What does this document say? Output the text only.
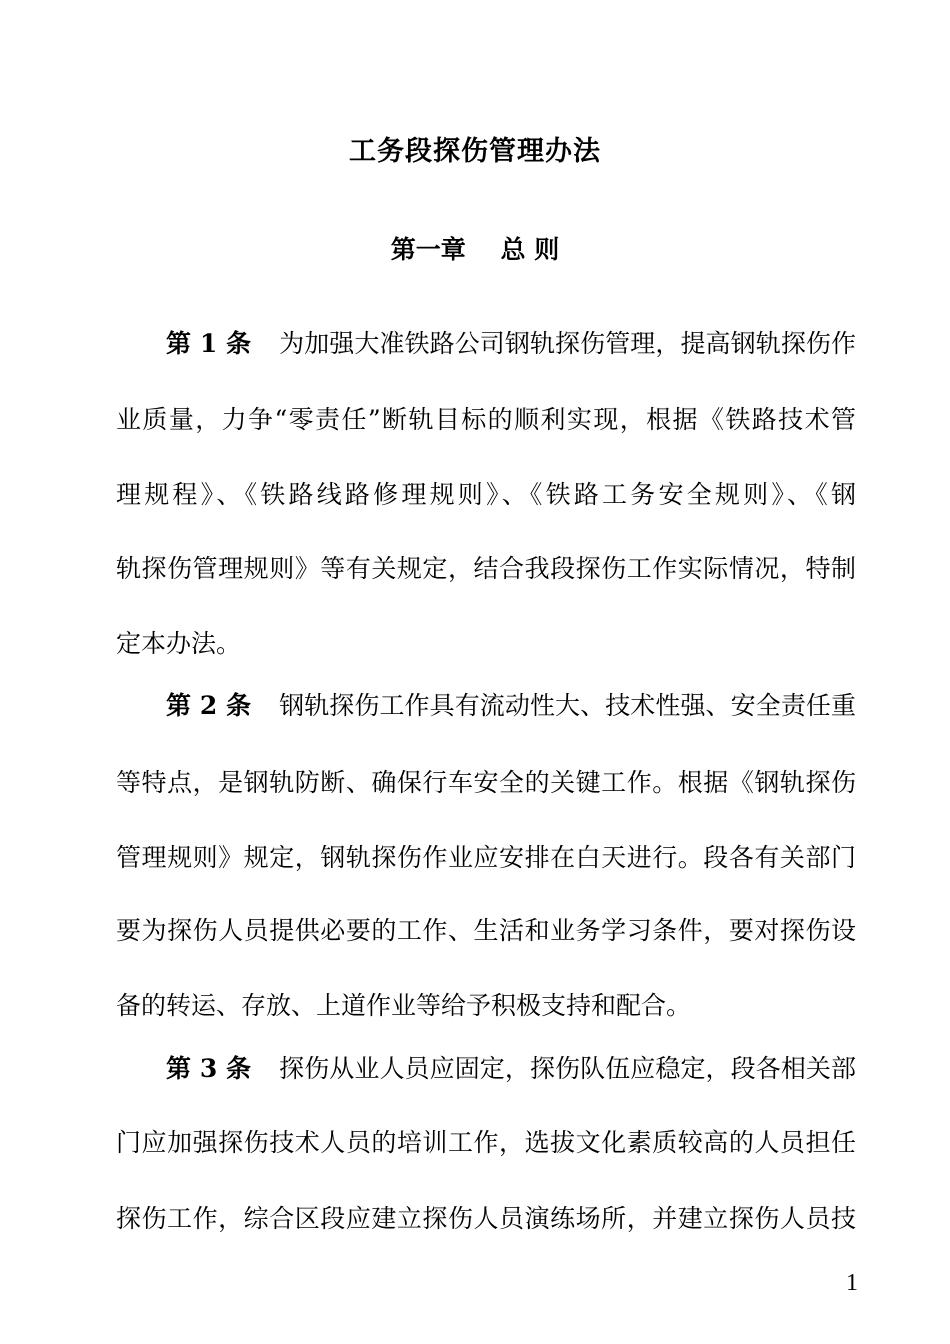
工务段探伤管理办法
第一章    总 则
第 1 条 为加强大准铁路公司钢轨探伤管理，提高钢轨探伤作
业质量，力争“零责任”断轨目标的顺利实现，根据《铁路技术管
理规程》、《铁路线路修理规则》、《铁路工务安全规则》、《钢
轨探伤管理规则》等有关规定，结合我段探伤工作实际情况，特制
定本办法。
第 2 条 钢轨探伤工作具有流动性大、技术性强、安全责任重
等特点，是钢轨防断、确保行车安全的关键工作。根据《钢轨探伤
管理规则》规定，钢轨探伤作业应安排在白天进行。段各有关部门
要为探伤人员提供必要的工作、生活和业务学习条件，要对探伤设
备的转运、存放、上道作业等给予积极支持和配合。
第 3 条 探伤从业人员应固定，探伤队伍应稳定，段各相关部
门应加强探伤技术人员的培训工作，选拔文化素质较高的人员担任
探伤工作，综合区段应建立探伤人员演练场所，并建立探伤人员技
1
